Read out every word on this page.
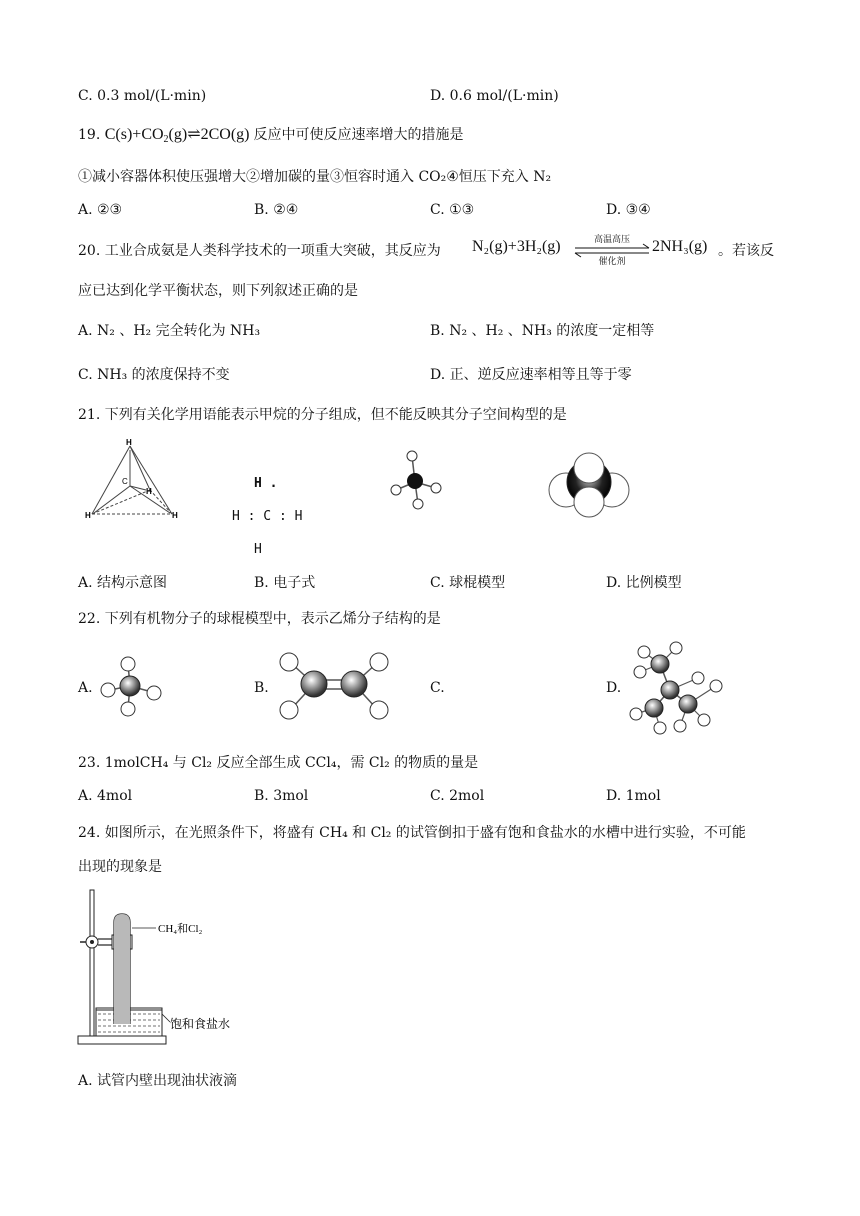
C. 0.3 mol/(L·min)	D. 0.6 mol/(L·min)
19. $C(s)+CO_2(g)\rightleftharpoons 2CO(g)$ 反应中可使反应速率增大的措施是
①减小容器体积使压强增大②增加碳的量③恒容时通入 CO₂④恒压下充入 N₂
A. ②③	B. ②④	C. ①③	D. ③④
20. 工业合成氨是人类科学技术的一项重大突破，其反应为 N₂(g)+3H₂(g)	高温高压
催化剂
2NH₃(g) 。若该反
应已达到化学平衡状态，则下列叙述正确的是
A. N₂ 、H₂ 完全转化为 NH₃	B. N₂ 、H₂ 、NH₃ 的浓度一定相等
C. NH₃ 的浓度保持不变	D. 正、逆反应速率相等且等于零
21. 下列有关化学用语能表示甲烷的分子组成，但不能反映其分子空间构型的是
H
C
H
H	H
H .
H : C : H
H
A. 结构示意图	B. 电子式	C. 球棍模型	D. 比例模型
22. 下列有机物分子的球棍模型中，表示乙烯分子结构的是
A.	B.	C.	D.
23. 1molCH₄ 与 Cl₂ 反应全部生成 CCl₄，需 Cl₂ 的物质的量是
A. 4mol	B. 3mol	C. 2mol	D. 1mol
24. 如图所示，在光照条件下，将盛有 CH₄ 和 Cl₂ 的试管倒扣于盛有饱和食盐水的水槽中进行实验，不可能
出现的现象是
CH₄和Cl₂
饱和食盐水
A. 试管内壁出现油状液滴
